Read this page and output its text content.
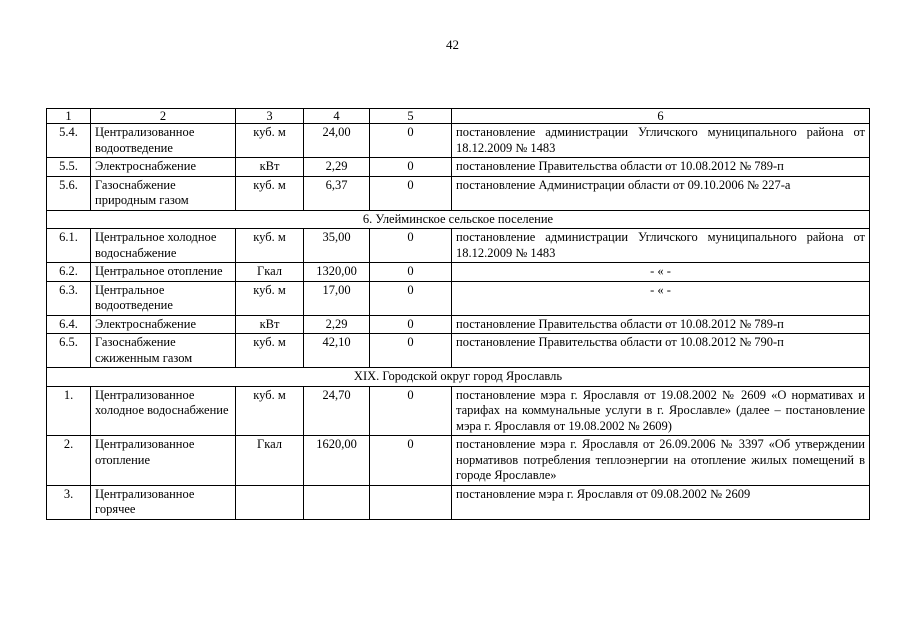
42
1	2	3	4	5	6
5.4.	Централизованное водоотведение	куб. м	24,00	0	постановление администрации Угличского муниципального района от 18.12.2009 № 1483
5.5.	Электроснабжение	кВт	2,29	0	постановление Правительства области от 10.08.2012 № 789-п
5.6.	Газоснабжение природным газом	куб. м	6,37	0	постановление Администрации области от 09.10.2006 № 227-а
6. Улейминское сельское поселение					
6.1.	Центральное холодное водоснабжение	куб. м	35,00	0	постановление администрации Угличского муниципального района от 18.12.2009 № 1483
6.2.	Центральное отопление	Гкал	1320,00	0	- « -
6.3.	Центральное водоотведение	куб. м	17,00	0	- « -
6.4.	Электроснабжение	кВт	2,29	0	постановление Правительства области от 10.08.2012 № 789-п
6.5.	Газоснабжение сжиженным газом	куб. м	42,10	0	постановление Правительства области от 10.08.2012 № 790-п
XIX. Городской округ город Ярославль					
1.	Централизованное холодное водоснабжение	куб. м	24,70	0	постановление мэра г. Ярославля от 19.08.2002 № 2609 «О нормативах и тарифах на коммунальные услуги в г. Ярославле» (далее – постановление мэра г. Ярославля от 19.08.2002 № 2609)
2.	Централизованное отопление	Гкал	1620,00	0	постановление мэра г. Ярославля от 26.09.2006 № 3397 «Об утверждении нормативов потребления теплоэнергии на отопление жилых помещений в городе Ярославле»
3.	Централизованное горячее				постановление мэра г. Ярославля от 09.08.2002 № 2609
